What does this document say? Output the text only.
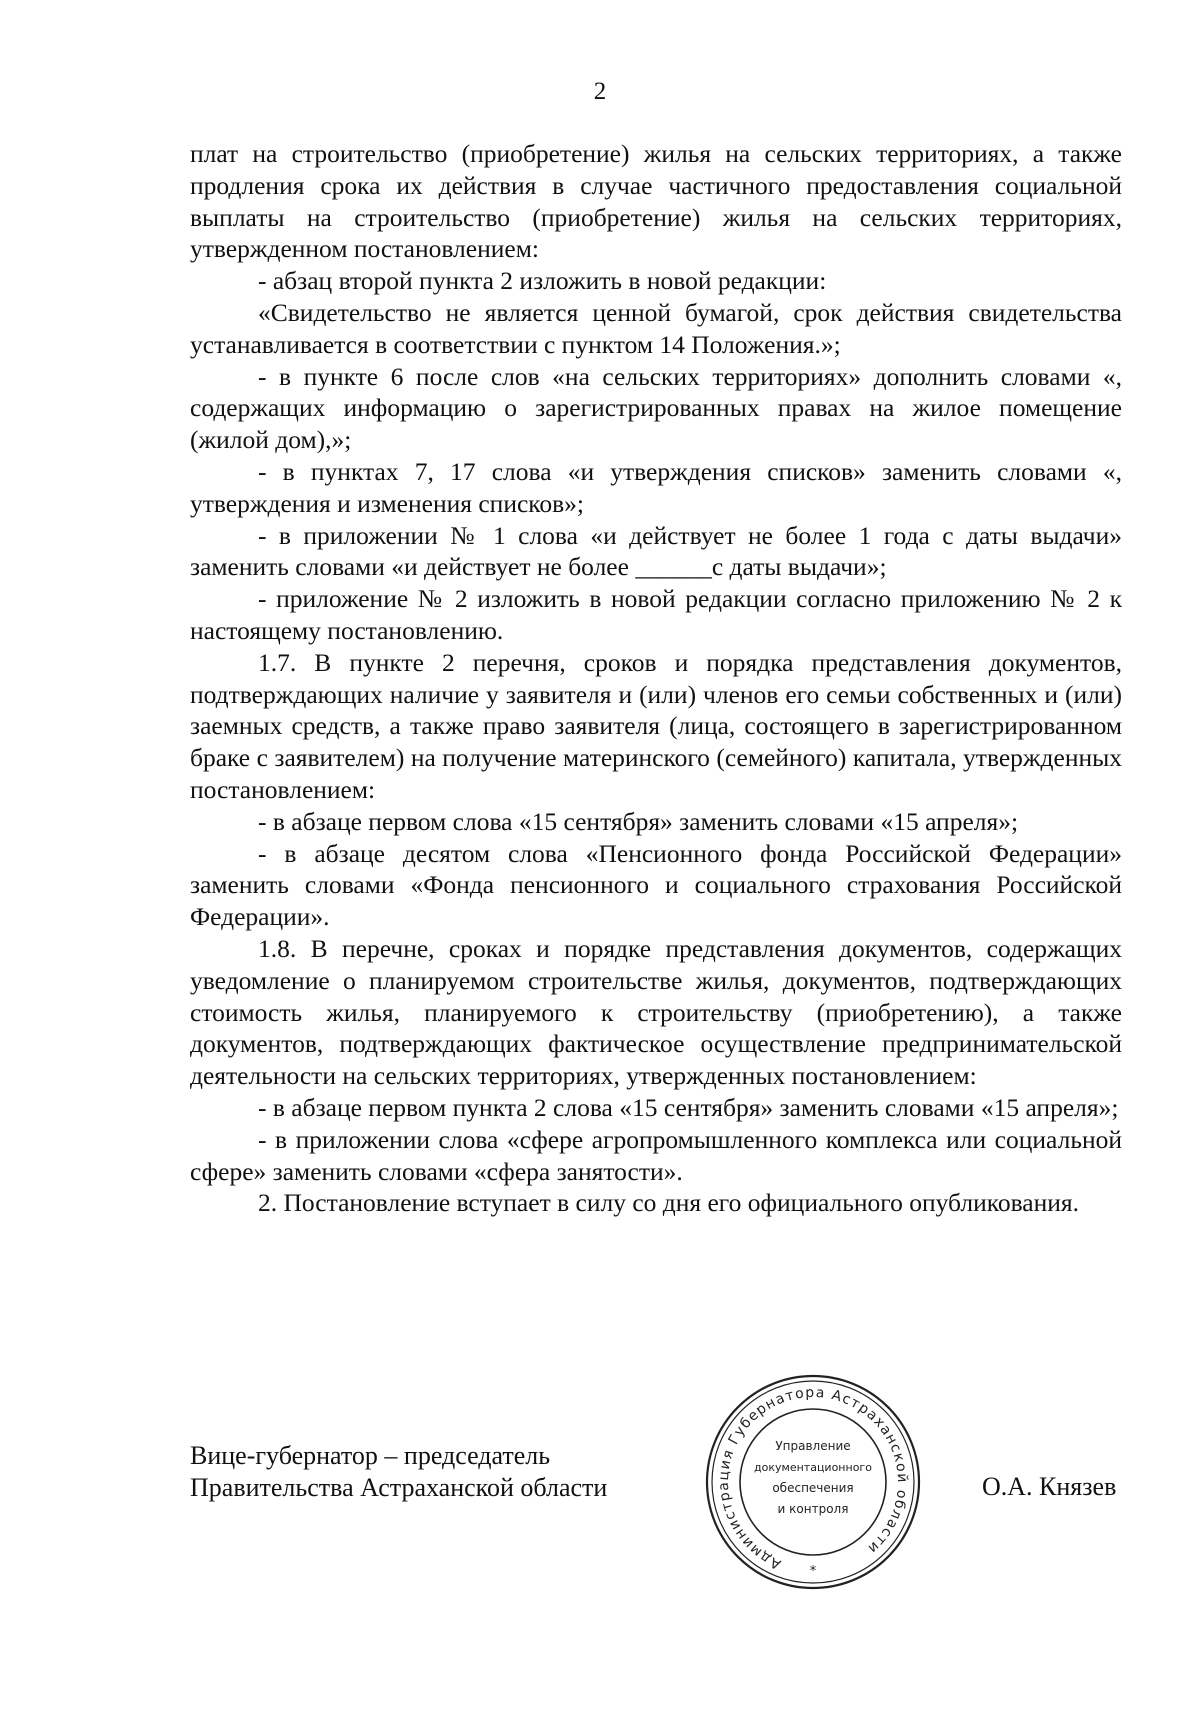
2

плат на строительство (приобретение) жилья на сельских территориях, а также продления срока их действия в случае частичного предоставления социальной выплаты на строительство (приобретение) жилья на сельских территориях, утвержденном постановлением:

- абзац второй пункта 2 изложить в новой редакции:

«Свидетельство не является ценной бумагой, срок действия свидетельства устанавливается в соответствии с пунктом 14 Положения.»;

- в пункте 6 после слов «на сельских территориях» дополнить словами «, содержащих информацию о зарегистрированных правах на жилое помещение (жилой дом),»;

- в пунктах 7, 17 слова «и утверждения списков» заменить словами «, утверждения и изменения списков»;

- в приложении № 1 слова «и действует не более 1 года с даты выдачи» заменить словами «и действует не более ______с даты выдачи»;

- приложение № 2 изложить в новой редакции согласно приложению № 2 к настоящему постановлению.

1.7. В пункте 2 перечня, сроков и порядка представления документов, подтверждающих наличие у заявителя и (или) членов его семьи собственных и (или) заемных средств, а также право заявителя (лица, состоящего в зарегистрированном браке с заявителем) на получение материнского (семейного) капитала, утвержденных постановлением:

- в абзаце первом слова «15 сентября» заменить словами «15 апреля»;

- в абзаце десятом слова «Пенсионного фонда Российской Федерации» заменить словами «Фонда пенсионного и социального страхования Российской Федерации».

1.8. В перечне, сроках и порядке представления документов, содержащих уведомление о планируемом строительстве жилья, документов, подтверждающих стоимость жилья, планируемого к строительству (приобретению), а также документов, подтверждающих фактическое осуществление предпринимательской деятельности на сельских территориях, утвержденных постановлением:

- в абзаце первом пункта 2 слова «15 сентября» заменить словами «15 апреля»;

- в приложении слова «сфере агропромышленного комплекса или социальной сфере» заменить словами «сфера занятости».

2. Постановление вступает в силу со дня его официального опубликования.

Вице-губернатор – председатель
Правительства Астраханской области	О.А. Князев
Администрация Губернатора Астраханской области
*
Управление
документационного
обеспечения
и контроля
